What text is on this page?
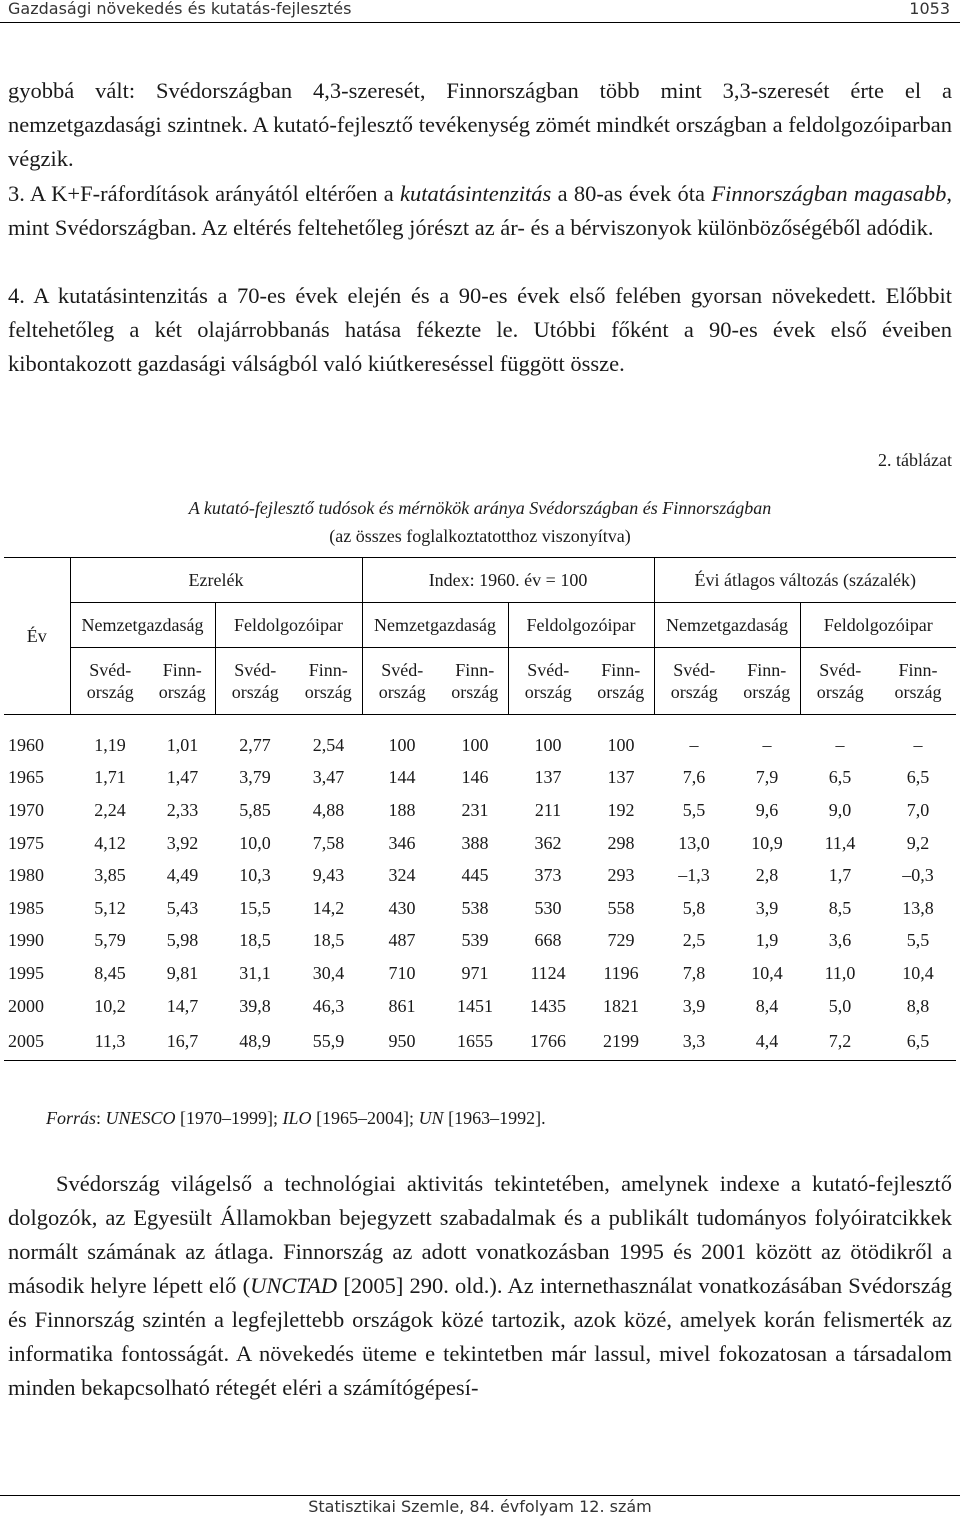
Gazdasági növekedés és kutatás-fejlesztés	1053

gyobbá vált: Svédországban 4,3-szeresét, Finnországban több mint 3,3-szeresét érte el a nemzetgazdasági szintnek. A kutató-fejlesztő tevékenység zömét mindkét országban a feldolgozóiparban végzik.

3. A K+F-ráfordítások arányától eltérően a kutatásintenzitás a 80-as évek óta Finnországban magasabb, mint Svédországban. Az eltérés feltehetőleg jórészt az ár- és a bérviszonyok különbözőségéből adódik.

4. A kutatásintenzitás a 70-es évek elején és a 90-es évek első felében gyorsan növekedett. Előbbit feltehetőleg a két olajárrobbanás hatása fékezte le. Utóbbi főként a 90-es évek első éveiben kibontakozott gazdasági válságból való kiútkereséssel függött össze.

2. táblázat
A kutató-fejlesztő tudósok és mérnökök aránya Svédországban és Finnországban
(az összes foglalkoztatotthoz viszonyítva)
Év	Ezrelék				Index: 1960. év = 100				Évi átlagos változás (százalék)			
	Nemzetgazdaság		Feldolgozóipar		Nemzetgazdaság		Feldolgozóipar		Nemzetgazdaság		Feldolgozóipar	
	Svéd-
ország	Finn-
ország	Svéd-
ország	Finn-
ország	Svéd-
ország	Finn-
ország	Svéd-
ország	Finn-
ország	Svéd-
ország	Finn-
ország	Svéd-
ország	Finn-
ország

1960	1,19	1,01	2,77	2,54	100	100	100	100	–	–	–	–
1965	1,71	1,47	3,79	3,47	144	146	137	137	7,6	7,9	6,5	6,5
1970	2,24	2,33	5,85	4,88	188	231	211	192	5,5	9,6	9,0	7,0
1975	4,12	3,92	10,0	7,58	346	388	362	298	13,0	10,9	11,4	9,2
1980	3,85	4,49	10,3	9,43	324	445	373	293	–1,3	2,8	1,7	–0,3
1985	5,12	5,43	15,5	14,2	430	538	530	558	5,8	3,9	8,5	13,8
1990	5,79	5,98	18,5	18,5	487	539	668	729	2,5	1,9	3,6	5,5
1995	8,45	9,81	31,1	30,4	710	971	1124	1196	7,8	10,4	11,0	10,4
2000	10,2	14,7	39,8	46,3	861	1451	1435	1821	3,9	8,4	5,0	8,8
2005	11,3	16,7	48,9	55,9	950	1655	1766	2199	3,3	4,4	7,2	6,5
Forrás: UNESCO [1970–1999]; ILO [1965–2004]; UN [1963–1992].

Svédország világelső a technológiai aktivitás tekintetében, amelynek indexe a kutató-fejlesztő dolgozók, az Egyesült Államokban bejegyzett szabadalmak és a publikált tudományos folyóiratcikkek normált számának az átlaga. Finnország az adott vonatkozásban 1995 és 2001 között az ötödikről a második helyre lépett elő (UNCTAD [2005] 290. old.). Az internethasználat vonatkozásában Svédország és Finnország szintén a legfejlettebb országok közé tartozik, azok közé, amelyek korán felismerték az informatika fontosságát. A növekedés üteme e tekintetben már lassul, mivel fokozatosan a társadalom minden bekapcsolható rétegét eléri a számítógépesí-

Statisztikai Szemle, 84. évfolyam 12. szám
